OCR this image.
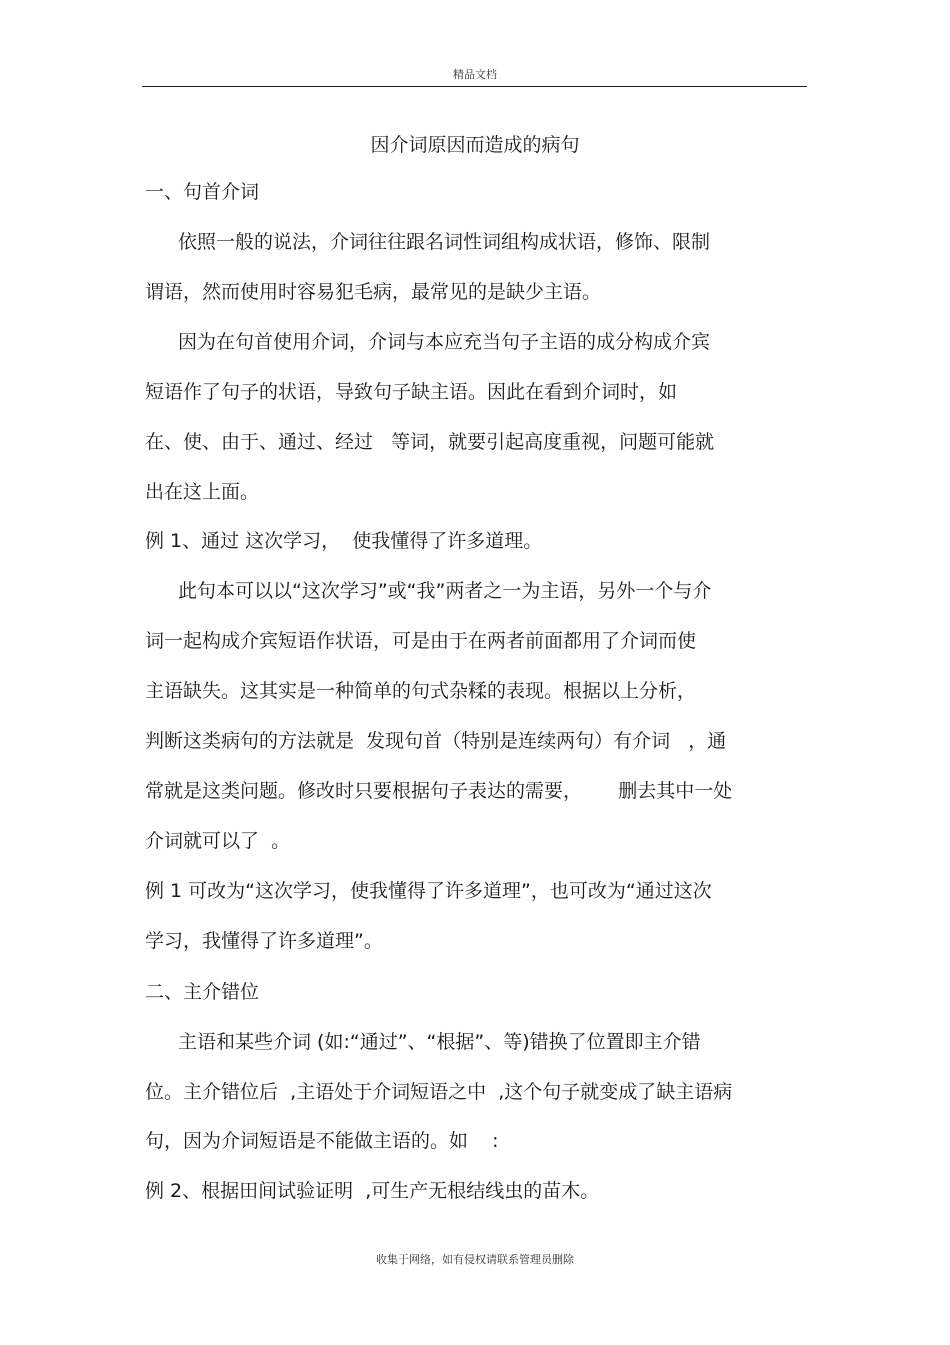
精品文档
因介词原因而造成的病句
一、句首介词
依照一般的说法，介词往往跟名词性词组构成状语，修饰、限制
谓语，然而使用时容易犯毛病，最常见的是缺少主语。
因为在句首使用介词，介词与本应充当句子主语的成分构成介宾
短语作了句子的状语，导致句子缺主语。因此在看到介词时，如
在、使、由于、通过、经过   等词，就要引起高度重视，问题可能就
出在这上面。
例 1、通过 这次学习，  使我懂得了许多道理。
此句本可以以“这次学习”或“我”两者之一为主语，另外一个与介
词一起构成介宾短语作状语，可是由于在两者前面都用了介词而使
主语缺失。这其实是一种简单的句式杂糅的表现。根据以上分析，
判断这类病句的方法就是  发现句首（特别是连续两句）有介词   ，通
常就是这类问题。修改时只要根据句子表达的需要，      删去其中一处
介词就可以了  。
例 1 可改为“这次学习，使我懂得了许多道理”，也可改为“通过这次
学习，我懂得了许多道理”。
二、主介错位
主语和某些介词 (如:“通过”、“根据”、等)错换了位置即主介错
位。主介错位后  ,主语处于介词短语之中  ,这个句子就变成了缺主语病
句，因为介词短语是不能做主语的。如    :
例 2、根据田间试验证明  ,可生产无根结线虫的苗木。
收集于网络，如有侵权请联系管理员删除
